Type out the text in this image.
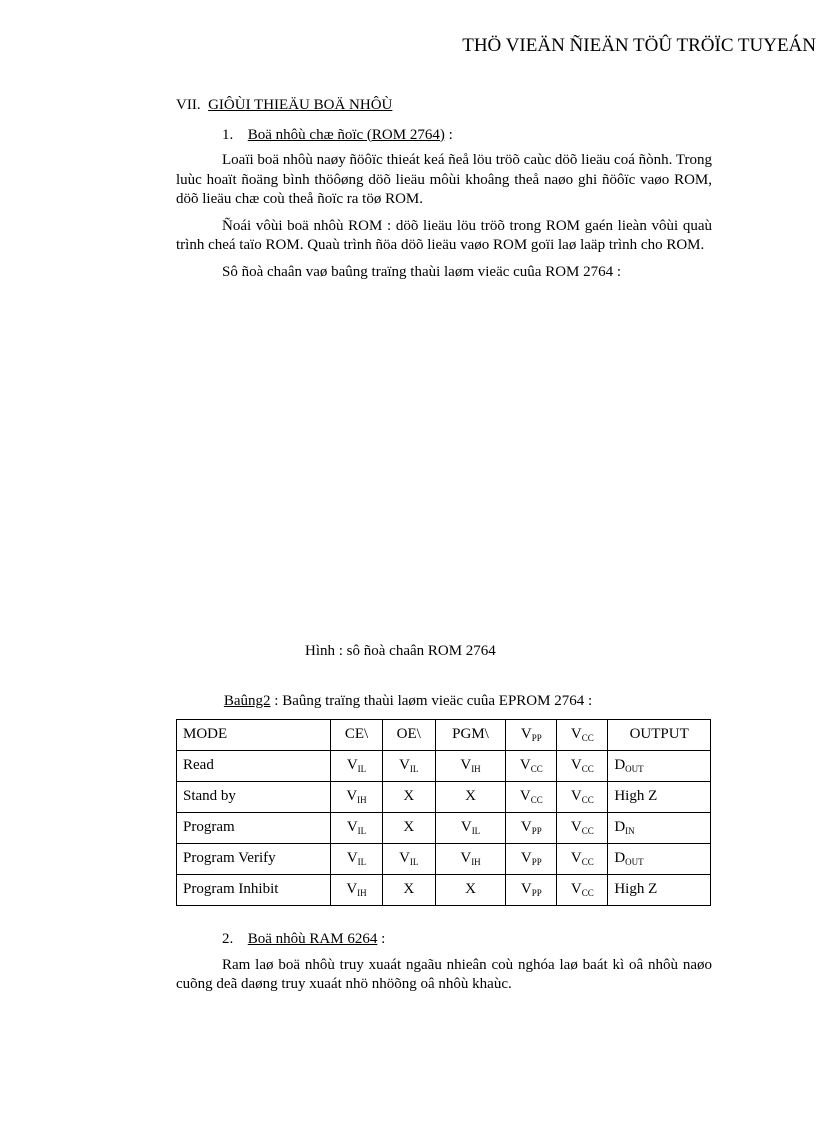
THÖ VIEÄN ÑIEÄN TÖÛ TRÖÏC TUYEÁN
VII. GIÔÙI THIEÄU BOÄ NHÔÙ
1. Boä nhôù chæ ñoïc (ROM 2764) :

Loaïi boä nhôù naøy ñöôïc thieát keá ñeå löu tröõ caùc döõ lieäu coá ñònh. Trong luùc hoaït ñoäng bình thöôøng döõ lieäu môùi khoâng theå naøo ghi ñöôïc vaøo ROM, döõ lieäu chæ coù theå ñoïc ra töø ROM.

Ñoái vôùi boä nhôù ROM : döõ lieäu löu tröõ trong ROM gaén lieàn vôùi quaù trình cheá taïo ROM. Quaù trình ñöa döõ lieäu vaøo ROM goïi laø laäp trình cho ROM.

Sô ñoà chaân vaø baûng traïng thaùi laøm vieäc cuûa ROM 2764 :

Hình : sô ñoà chaân ROM 2764
Baûng2 : Baûng traïng thaùi laøm vieäc cuûa EPROM 2764 :
MODE	CE\	OE\	PGM\	$V_{PP}$	$V_{CC}$	OUTPUT
Read	$V_{IL}$	$V_{IL}$	$V_{IH}$	$V_{CC}$	$V_{CC}$	$D_{OUT}$
Stand by	$V_{IH}$	X	X	$V_{CC}$	$V_{CC}$	High Z
Program	$V_{IL}$	X	$V_{IL}$	$V_{PP}$	$V_{CC}$	$D_{IN}$
Program Verify	$V_{IL}$	$V_{IL}$	$V_{IH}$	$V_{PP}$	$V_{CC}$	$D_{OUT}$
Program Inhibit	$V_{IH}$	X	X	$V_{PP}$	$V_{CC}$	High Z
2. Boä nhôù RAM 6264 :

Ram laø boä nhôù truy xuaát ngaãu nhieân coù nghóa laø baát kì oâ nhôù naøo cuõng deã daøng truy xuaát nhö nhöõng oâ nhôù khaùc.
